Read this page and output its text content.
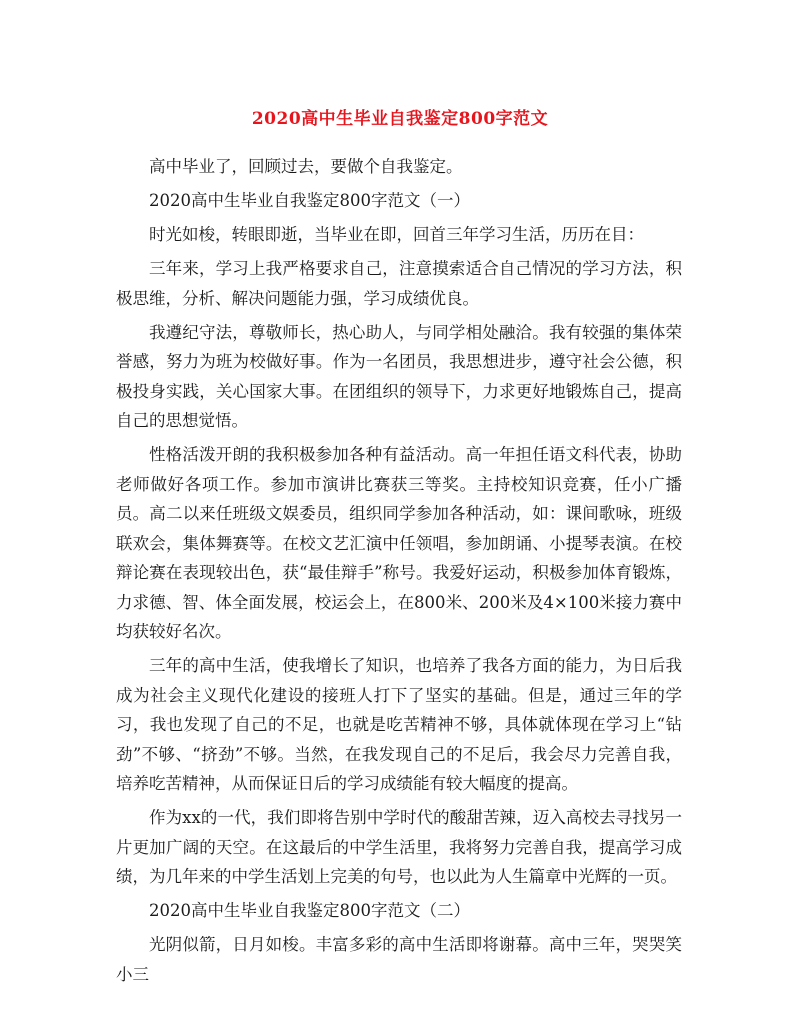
2020高中生毕业自我鉴定800字范文

高中毕业了，回顾过去，要做个自我鉴定。

2020高中生毕业自我鉴定800字范文（一）

时光如梭，转眼即逝，当毕业在即，回首三年学习生活，历历在目：

三年来，学习上我严格要求自己，注意摸索适合自己情况的学习方法，积极思维，分析、解决问题能力强，学习成绩优良。

我遵纪守法，尊敬师长，热心助人，与同学相处融洽。我有较强的集体荣誉感，努力为班为校做好事。作为一名团员，我思想进步，遵守社会公德，积极投身实践，关心国家大事。在团组织的领导下，力求更好地锻炼自己，提高自己的思想觉悟。

性格活泼开朗的我积极参加各种有益活动。高一年担任语文科代表，协助老师做好各项工作。参加市演讲比赛获三等奖。主持校知识竞赛，任小广播员。高二以来任班级文娱委员，组织同学参加各种活动，如：课间歌咏，班级联欢会，集体舞赛等。在校文艺汇演中任领唱，参加朗诵、小提琴表演。在校辩论赛在表现较出色，获“最佳辩手”称号。我爱好运动，积极参加体育锻炼，力求德、智、体全面发展，校运会上，在800米、200米及4×100米接力赛中均获较好名次。

三年的高中生活，使我增长了知识，也培养了我各方面的能力，为日后我成为社会主义现代化建设的接班人打下了坚实的基础。但是，通过三年的学习，我也发现了自己的不足，也就是吃苦精神不够，具体就体现在学习上“钻劲”不够、“挤劲”不够。当然，在我发现自己的不足后，我会尽力完善自我，培养吃苦精神，从而保证日后的学习成绩能有较大幅度的提高。

作为xx的一代，我们即将告别中学时代的酸甜苦辣，迈入高校去寻找另一片更加广阔的天空。在这最后的中学生活里，我将努力完善自我，提高学习成绩，为几年来的中学生活划上完美的句号，也以此为人生篇章中光辉的一页。

2020高中生毕业自我鉴定800字范文（二）

光阴似箭，日月如梭。丰富多彩的高中生活即将谢幕。高中三年，哭哭笑小三
